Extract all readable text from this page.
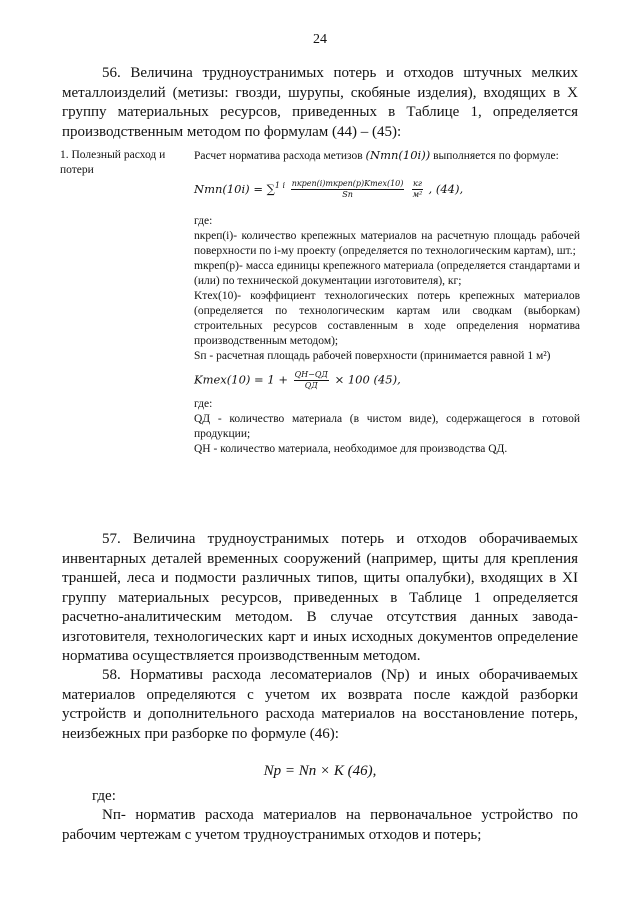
24
56. Величина трудноустранимых потерь и отходов штучных мелких металлоизделий (метизы: гвозди, шурупы, скобяные изделия), входящих в X группу материальных ресурсов, приведенных в Таблице 1, определяется производственным методом по формулам (44) – (45):
1. Полезный расход и потери

Расчет норматива расхода метизов (Nтп(10i)) выполняется по формуле:

$Nтп(10i) = \sum^{1 i} \frac{\text{nкреп(i)mкреп(p)Kтех(10)}}{Sп}$
$\frac{кг}{\text{м²}}$ , (44),

где:

nкреп(i)- количество крепежных материалов на расчетную площадь рабочей поверхности по i-му проекту (определяется по технологическим картам), шт.;

mкреп(p)- масса единицы крепежного материала (определяется стандартами и (или) по технической документации изготовителя), кг;

Kтех(10)- коэффициент технологических потерь крепежных материалов (определяется по технологическим картам или сводкам (выборкам) строительных ресурсов составленным в ходе определения норматива производственным методом);

Sп - расчетная площадь рабочей поверхности (принимается равной 1 м²)

Kтех(10) = $1 + \frac{QН-QД}{QД} \times 100$ (45),

где:

QД - количество материала (в чистом виде), содержащегося в готовой продукции;

QН - количество материала, необходимое для производства QД.

57. Величина трудноустранимых потерь и отходов оборачиваемых инвентарных деталей временных сооружений (например, щиты для крепления траншей, леса и подмости различных типов, щиты опалубки), входящих в XI группу материальных ресурсов, приведенных в Таблице 1 определяется расчетно-аналитическим методом. В случае отсутствия данных завода-изготовителя, технологических карт и иных исходных документов определение норматива осуществляется производственным методом.
58. Нормативы расхода лесоматериалов (Np) и иных оборачиваемых материалов определяются с учетом их возврата после каждой разборки устройств и дополнительного расхода материалов на восстановление потерь, неизбежных при разборке по формуле (46):
Np = Nп × K (46),
где:
Nп- норматив расхода материалов на первоначальное устройство по рабочим чертежам с учетом трудноустранимых отходов и потерь;
